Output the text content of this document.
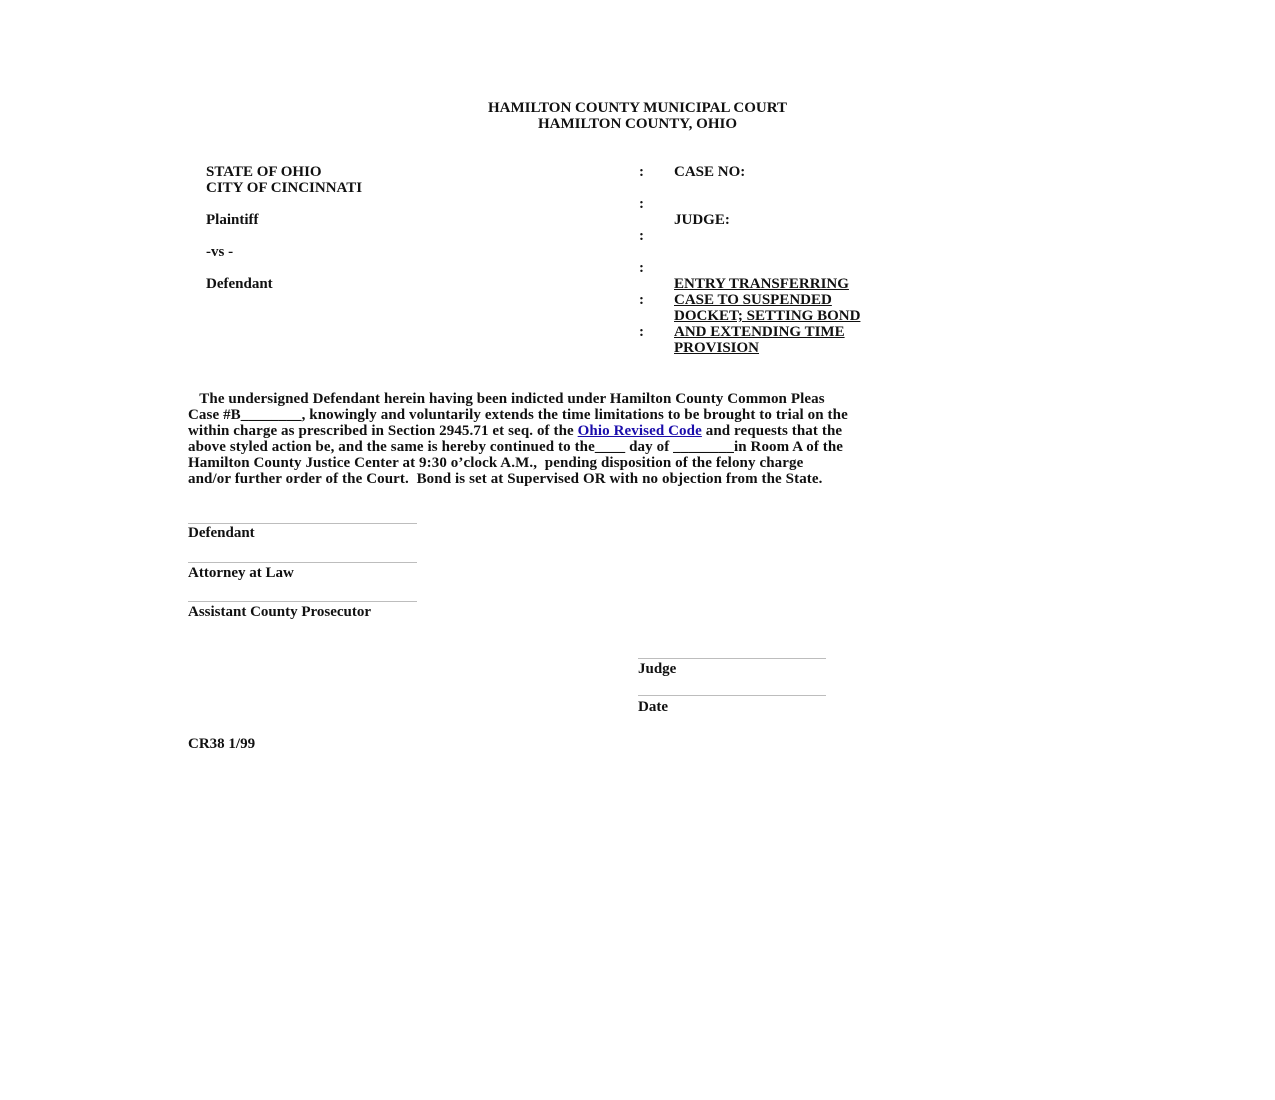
HAMILTON COUNTY MUNICIPAL COURT
HAMILTON COUNTY, OHIO
STATE OF OHIO
CITY OF CINCINNATI
Plaintiff
-vs -
Defendant
:
:
:
:
:
:
CASE NO:
JUDGE:
ENTRY TRANSFERRING
CASE TO SUSPENDED
DOCKET; SETTING BOND
AND EXTENDING TIME
PROVISION
The undersigned Defendant herein having been indicted under Hamilton County Common Pleas
Case #B________, knowingly and voluntarily extends the time limitations to be brought to trial on the
within charge as prescribed in Section 2945.71 et seq. of the Ohio Revised Code and requests that the
above styled action be, and the same is hereby continued to the____ day of ________in Room A of the
Hamilton County Justice Center at 9:30 o’clock A.M.,  pending disposition of the felony charge
and/or further order of the Court.  Bond is set at Supervised OR with no objection from the State.
Defendant
Attorney at Law
Assistant County Prosecutor
Judge
Date
CR38 1/99
